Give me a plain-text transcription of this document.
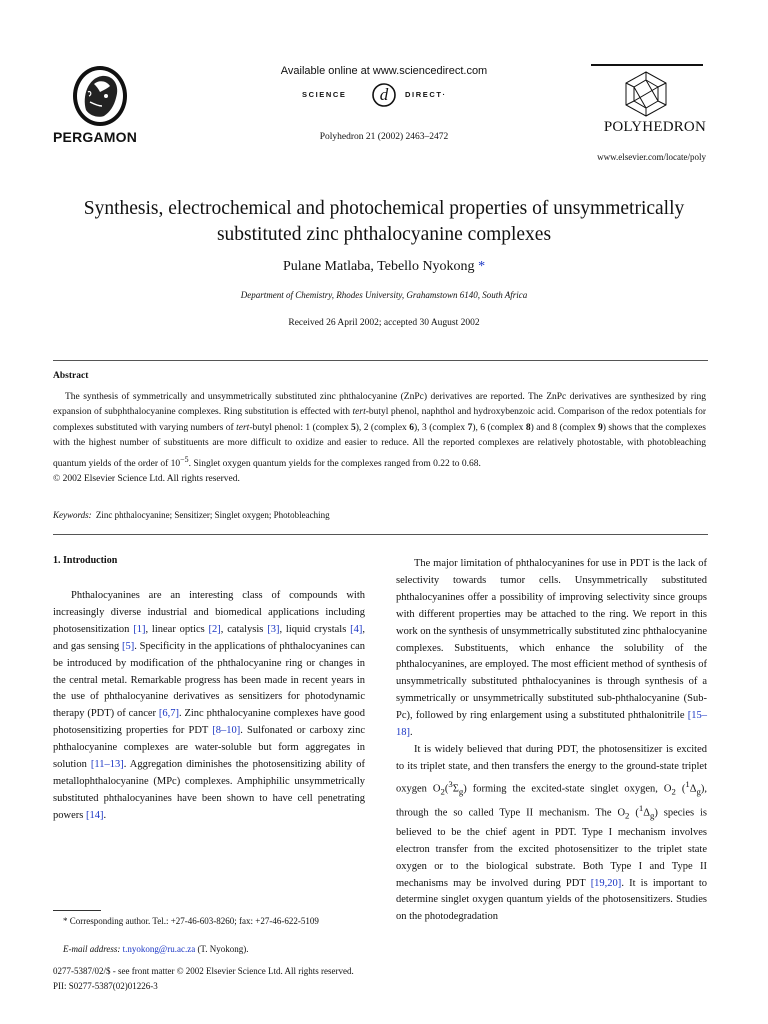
PERGAMON
Available online at www.sciencedirect.com
d
SCIENCE	DIRECT·
Polyhedron 21 (2002) 2463–2472
POLYHEDRON
www.elsevier.com/locate/poly
Synthesis, electrochemical and photochemical properties of unsymmetrically substituted zinc phthalocyanine complexes
Pulane Matlaba, Tebello Nyokong *
Department of Chemistry, Rhodes University, Grahamstown 6140, South Africa
Received 26 April 2002; accepted 30 August 2002
Abstract
The synthesis of symmetrically and unsymmetrically substituted zinc phthalocyanine (ZnPc) derivatives are reported. The ZnPc derivatives are synthesized by ring expansion of subphthalocyanine complexes. Ring substitution is effected with tert-butyl phenol, naphthol and hydroxybenzoic acid. Comparison of the redox potentials for complexes substituted with varying numbers of tert-butyl phenol: 1 (complex 5), 2 (complex 6), 3 (complex 7), 6 (complex 8) and 8 (complex 9) shows that the complexes with the highest number of substituents are more difficult to oxidize and easier to reduce. All the reported complexes are relatively photostable, with photobleaching quantum yields of the order of $10^{-5}$. Singlet oxygen quantum yields for the complexes ranged from 0.22 to 0.68.
© 2002 Elsevier Science Ltd. All rights reserved.
Keywords: Zinc phthalocyanine; Sensitizer; Singlet oxygen; Photobleaching
1. Introduction
Phthalocyanines are an interesting class of compounds with increasingly diverse industrial and biomedical applications including photosensitization [1], linear optics [2], catalysis [3], liquid crystals [4], and gas sensing [5]. Specificity in the applications of phthalocyanines can be introduced by modification of the phthalocyanine ring or changes in the central metal. Remarkable progress has been made in recent years in the use of phthalocyanine derivatives as sensitizers for photodynamic therapy (PDT) of cancer [6,7]. Zinc phthalocyanine complexes have good photosensitizing properties for PDT [8–10]. Sulfonated or carboxy zinc phthalocyanine complexes are water-soluble but form aggregates in solution [11–13]. Aggregation diminishes the photosensitizing ability of metallophthalocyanine (MPc) complexes. Amphiphilic unsymmetrically substituted phthalocyanines have been shown to have cell penetrating powers [14].

The major limitation of phthalocyanines for use in PDT is the lack of selectivity towards tumor cells. Unsymmetrically substituted phthalocyanines offer a possibility of improving selectivity since groups with different properties may be attached to the ring. We report in this work on the synthesis of unsymmetrically substituted zinc phthalocyanine complexes. Substituents, which enhance the solubility of the phthalocyanines, are employed. The most efficient method of synthesis of unsymmetrically substituted phthalocyanines is through synthesis of a symmetrically or unsymmetrically substituted sub-phthalocyanine (Sub-Pc), followed by ring enlargement using a substituted phthalonitrile [15–18].

It is widely believed that during PDT, the photosensitizer is excited to its triplet state, and then transfers the energy to the ground-state triplet oxygen $O_2(^3\Sigma_g)$ forming the excited-state singlet oxygen, $O_2$ $(^1\Delta_g)$, through the so called Type II mechanism. The $O_2$ $(^1\Delta_g)$ species is believed to be the chief agent in PDT. Type I mechanism involves electron transfer from the excited photosensitizer to the triplet state oxygen or to the biological substrate. Both Type I and Type II mechanisms may be involved during PDT [19,20]. It is important to determine singlet oxygen quantum yields of the photosensitizers. Studies on the photodegradation

* Corresponding author. Tel.: +27-46-603-8260; fax: +27-46-622-5109
E-mail address: t.nyokong@ru.ac.za (T. Nyokong).
0277-5387/02/$ - see front matter © 2002 Elsevier Science Ltd. All rights reserved.
PII: S0277-5387(02)01226-3
